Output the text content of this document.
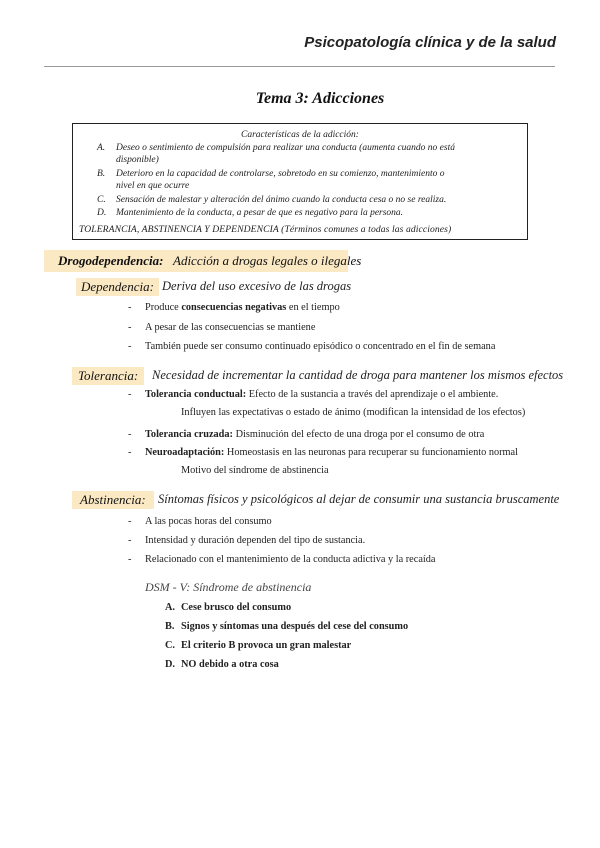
Psicopatología clínica y de la salud
Tema 3: Adicciones
Características de la adicción:
A. Deseo o sentimiento de compulsión para realizar una conducta (aumenta cuando no está
disponible)
B. Deterioro en la capacidad de controlarse, sobretodo en su comienzo, mantenimiento o
nivel en que ocurre
C. Sensación de malestar y alteración del ánimo cuando la conducta cesa o no se realiza.
D. Mantenimiento de la conducta, a pesar de que es negativo para la persona.
TOLERANCIA, ABSTINENCIA Y DEPENDENCIA (Términos comunes a todas las adicciones)
Drogodependencia: Adicción a drogas legales o ilegales
Dependencia: Deriva del uso excesivo de las drogas
- Produce consecuencias negativas en el tiempo
- A pesar de las consecuencias se mantiene
- También puede ser consumo continuado episódico o concentrado en el fin de semana
Tolerancia:	Necesidad de incrementar la cantidad de droga para mantener los mismos efectos
- Tolerancia conductual: Efecto de la sustancia a través del aprendizaje o el ambiente.
Influyen las expectativas o estado de ánimo (modifican la intensidad de los efectos)
- Tolerancia cruzada: Disminución del efecto de una droga por el consumo de otra
- Neuroadaptación: Homeostasis en las neuronas para recuperar su funcionamiento normal
Motivo del síndrome de abstinencia
Abstinencia: Síntomas físicos y psicológicos al dejar de consumir una sustancia bruscamente
- A las pocas horas del consumo
- Intensidad y duración dependen del tipo de sustancia.
- Relacionado con el mantenimiento de la conducta adictiva y la recaída
DSM - V: Síndrome de abstinencia
A. Cese brusco del consumo
B. Signos y síntomas una después del cese del consumo
C. El criterio B provoca un gran malestar
D. NO debido a otra cosa
